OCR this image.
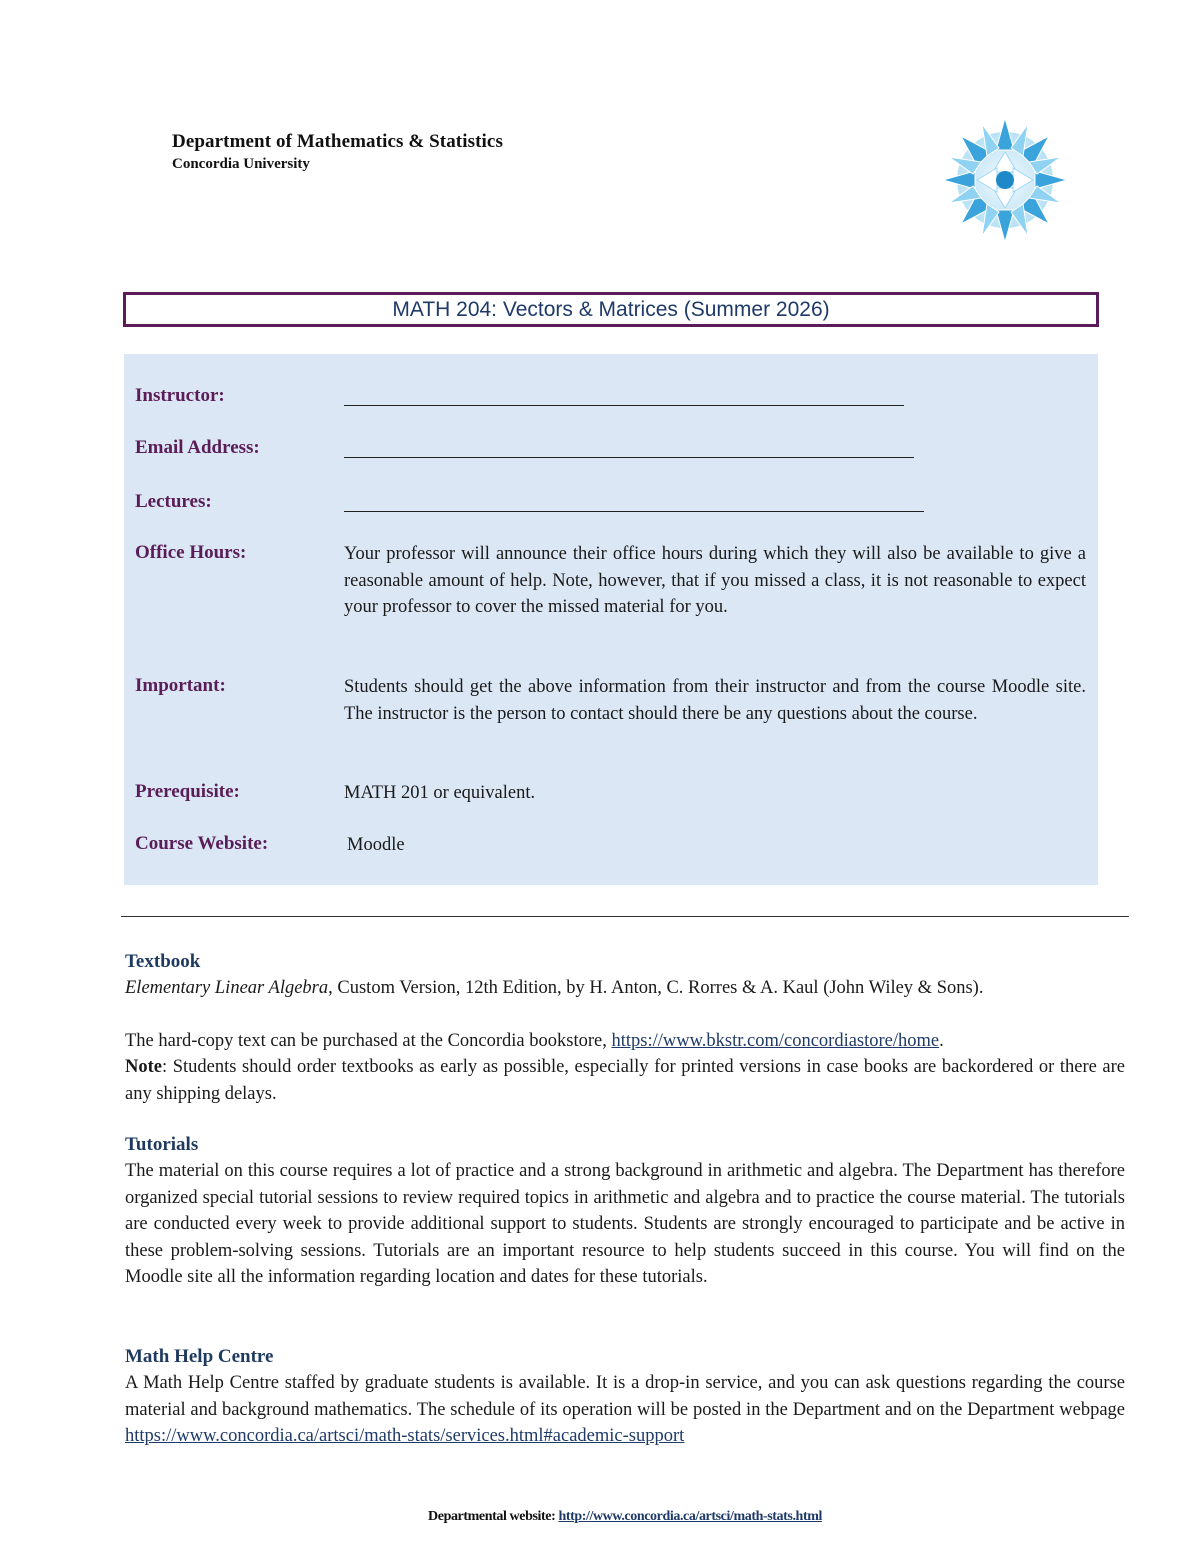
Department of Mathematics & Statistics
Concordia University
MATH 204: Vectors & Matrices (Summer 2026)
Instructor:
Email Address:
Lectures:
Office Hours:	Your professor will announce their office hours during which they will also be available to give a reasonable amount of help. Note, however, that if you missed a class, it is not reasonable to expect your professor to cover the missed material for you.
Important:	Students should get the above information from their instructor and from the course Moodle site. The instructor is the person to contact should there be any questions about the course.
Prerequisite:	MATH 201 or equivalent.
Course Website:	Moodle
Textbook

Elementary Linear Algebra, Custom Version, 12th Edition, by H. Anton, C. Rorres & A. Kaul (John Wiley & Sons).

The hard-copy text can be purchased at the Concordia bookstore, https://www.bkstr.com/concordiastore/home.
Note: Students should order textbooks as early as possible, especially for printed versions in case books are backordered or there are any shipping delays.

Tutorials

The material on this course requires a lot of practice and a strong background in arithmetic and algebra. The Department has therefore organized special tutorial sessions to review required topics in arithmetic and algebra and to practice the course material. The tutorials are conducted every week to provide additional support to students. Students are strongly encouraged to participate and be active in these problem-solving sessions. Tutorials are an important resource to help students succeed in this course. You will find on the Moodle site all the information regarding location and dates for these tutorials.

Math Help Centre

A Math Help Centre staffed by graduate students is available. It is a drop-in service, and you can ask questions regarding the course material and background mathematics. The schedule of its operation will be posted in the Department and on the Department webpage https://www.concordia.ca/artsci/math-stats/services.html#academic-support

Departmental website: http://www.concordia.ca/artsci/math-stats.html
